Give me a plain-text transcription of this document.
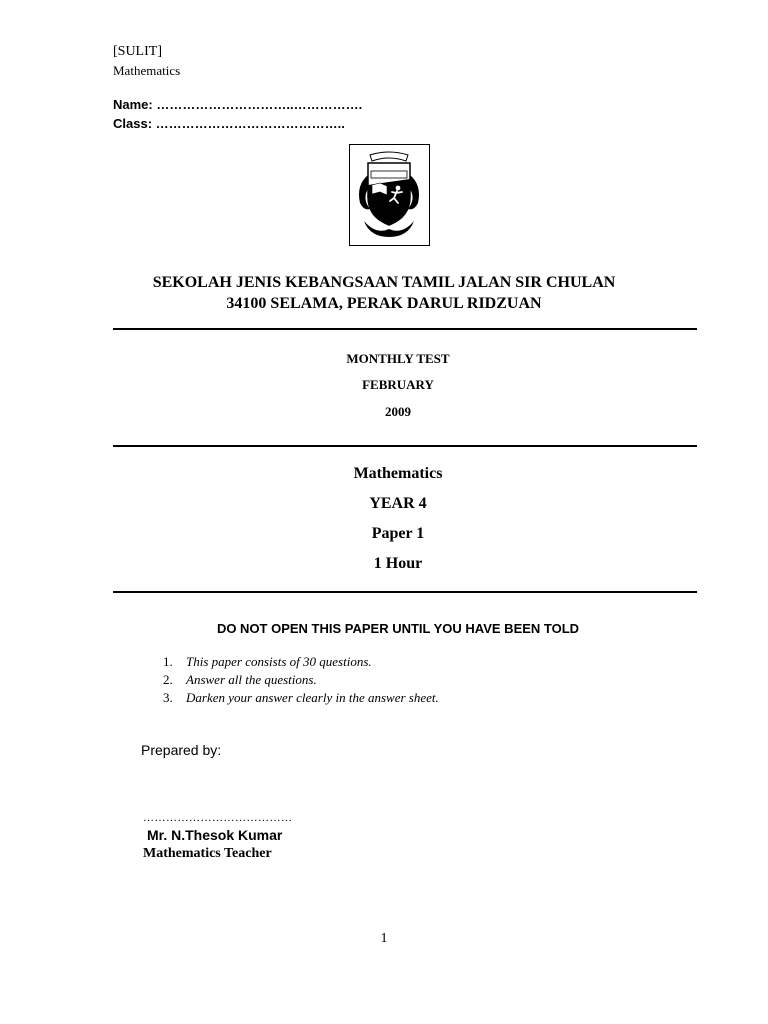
[SULIT]
Mathematics
Name: …………………………..…………….
Class: ……………………………………..
SEKOLAH JENIS KEBANGSAAN TAMIL JALAN SIR CHULAN
34100 SELAMA, PERAK DARUL RIDZUAN
MONTHLY TEST
FEBRUARY
2009
Mathematics
YEAR 4
Paper 1
1 Hour
DO NOT OPEN THIS PAPER UNTIL YOU HAVE BEEN TOLD
1. This paper consists of 30 questions.
2. Answer all the questions.
3. Darken your answer clearly in the answer sheet.
Prepared by:
…………………………………
Mr. N.Thesok Kumar
Mathematics Teacher
1
